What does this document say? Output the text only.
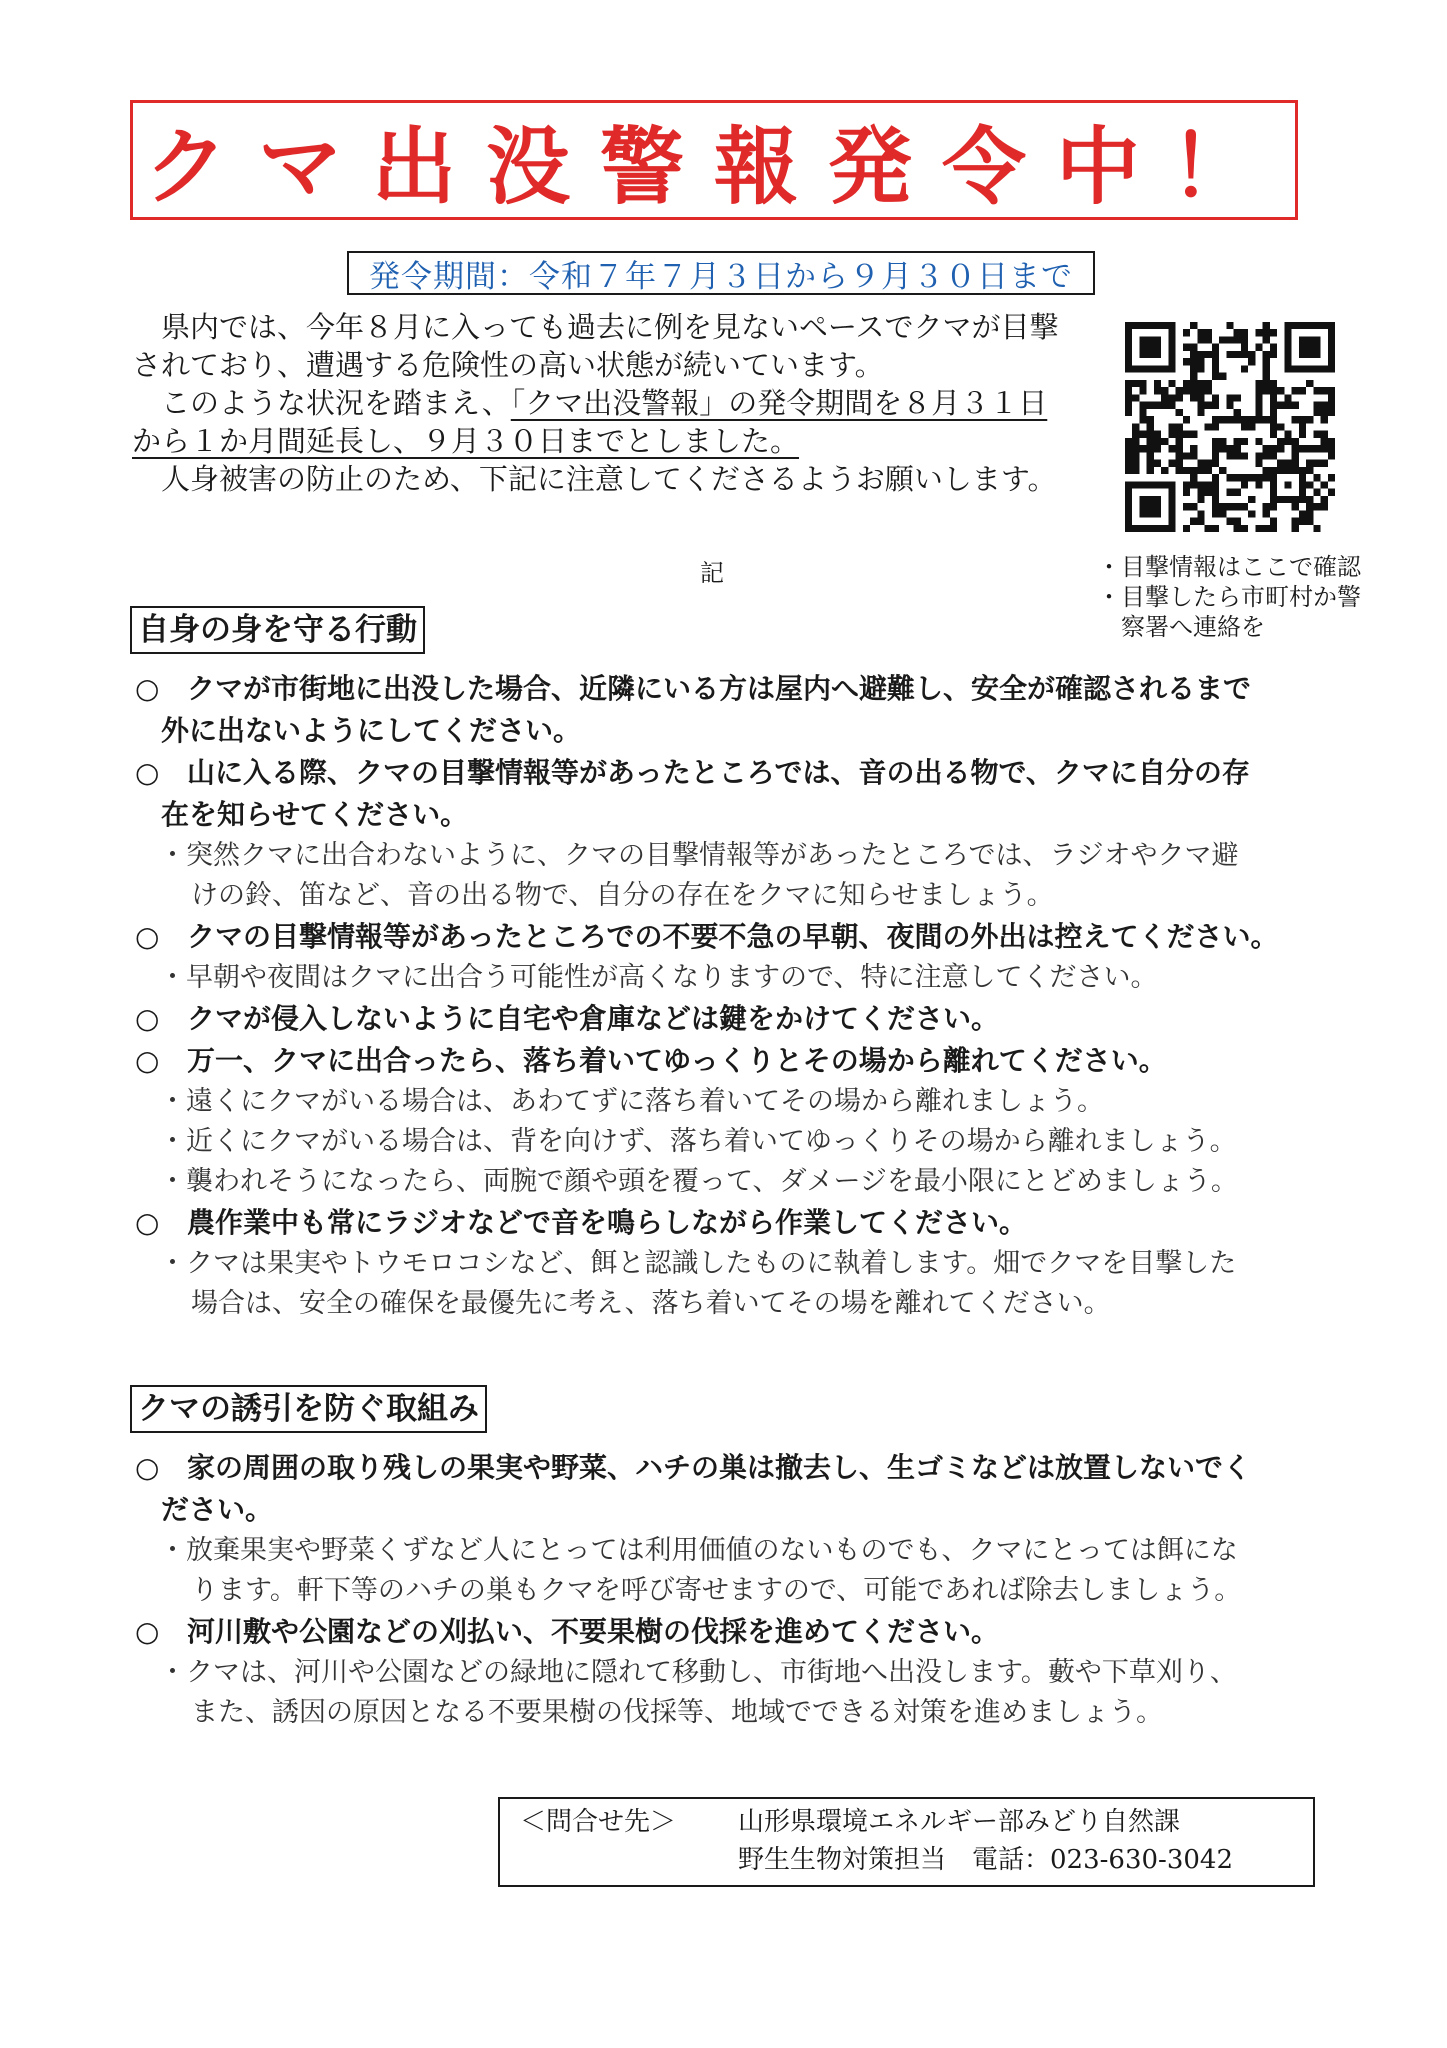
クマ出没警報発令中！
発令期間：令和７年７月３日から９月３０日まで

　県内では、今年８月に入っても過去に例を見ないペースでクマが目撃

されており、遭遇する危険性の高い状態が続いています。

　このような状況を踏まえ、「クマ出没警報」の発令期間を８月３１日

から１か月間延長し、９月３０日までとしました。

　人身被害の防止のため、下記に注意してくださるようお願いします。

記	・目撃情報はここで確認
・目撃したら市町村か警
　察署へ連絡を
自身の身を守る行動
○ クマが市街地に出没した場合、近隣にいる方は屋内へ避難し、安全が確認されるまで
外に出ないようにしてください。
○ 山に入る際、クマの目撃情報等があったところでは、音の出る物で、クマに自分の存
在を知らせてください。
・突然クマに出合わないように、クマの目撃情報等があったところでは、ラジオやクマ避
けの鈴、笛など、音の出る物で、自分の存在をクマに知らせましょう。
○ クマの目撃情報等があったところでの不要不急の早朝、夜間の外出は控えてください。
・早朝や夜間はクマに出合う可能性が高くなりますので、特に注意してください。
○ クマが侵入しないように自宅や倉庫などは鍵をかけてください。
○ 万一、クマに出合ったら、落ち着いてゆっくりとその場から離れてください。
・遠くにクマがいる場合は、あわてずに落ち着いてその場から離れましょう。
・近くにクマがいる場合は、背を向けず、落ち着いてゆっくりその場から離れましょう。
・襲われそうになったら、両腕で顔や頭を覆って、ダメージを最小限にとどめましょう。
○ 農作業中も常にラジオなどで音を鳴らしながら作業してください。
・クマは果実やトウモロコシなど、餌と認識したものに執着します。畑でクマを目撃した
場合は、安全の確保を最優先に考え、落ち着いてその場を離れてください。
クマの誘引を防ぐ取組み
○ 家の周囲の取り残しの果実や野菜、ハチの巣は撤去し、生ゴミなどは放置しないでく
ださい。
・放棄果実や野菜くずなど人にとっては利用価値のないものでも、クマにとっては餌にな
ります。軒下等のハチの巣もクマを呼び寄せますので、可能であれば除去しましょう。
○ 河川敷や公園などの刈払い、不要果樹の伐採を進めてください。
・クマは、河川や公園などの緑地に隠れて移動し、市街地へ出没します。藪や下草刈り、
また、誘因の原因となる不要果樹の伐採等、地域でできる対策を進めましょう。
＜問合せ先＞	山形県環境エネルギー部みどり自然課
野生生物対策担当　電話：023-630-3042
